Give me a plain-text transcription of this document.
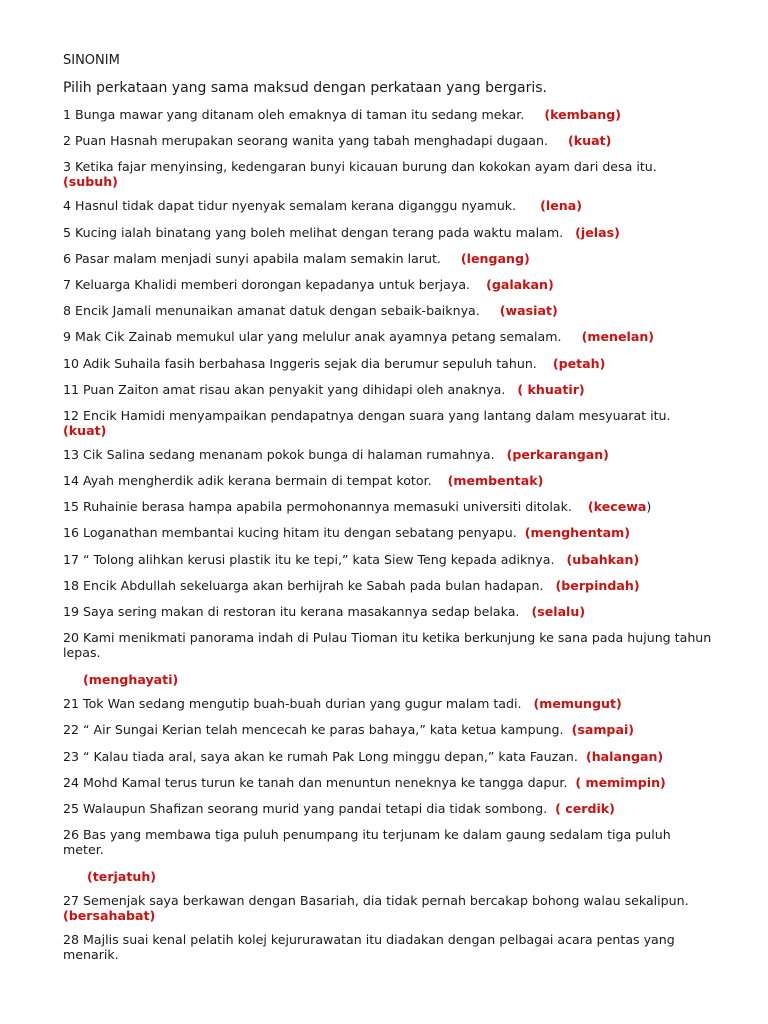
SINONIM
Pilih perkataan yang sama maksud dengan perkataan yang bergaris.
1 Bunga mawar yang ditanam oleh emaknya di taman itu sedang mekar. (kembang)
2 Puan Hasnah merupakan seorang wanita yang tabah menghadapi dugaan. (kuat)
3 Ketika fajar menyinsing, kedengaran bunyi kicauan burung dan kokokan ayam dari desa itu.
(subuh)
4 Hasnul tidak dapat tidur nyenyak semalam kerana diganggu nyamuk. (lena)
5 Kucing ialah binatang yang boleh melihat dengan terang pada waktu malam. (jelas)
6 Pasar malam menjadi sunyi apabila malam semakin larut. (lengang)
7 Keluarga Khalidi memberi dorongan kepadanya untuk berjaya. (galakan)
8 Encik Jamali menunaikan amanat datuk dengan sebaik-baiknya. (wasiat)
9 Mak Cik Zainab memukul ular yang melulur anak ayamnya petang semalam. (menelan)
10 Adik Suhaila fasih berbahasa Inggeris sejak dia berumur sepuluh tahun. (petah)
11 Puan Zaiton amat risau akan penyakit yang dihidapi oleh anaknya. ( khuatir)
12 Encik Hamidi menyampaikan pendapatnya dengan suara yang lantang dalam mesyuarat itu.
(kuat)
13 Cik Salina sedang menanam pokok bunga di halaman rumahnya. (perkarangan)
14 Ayah mengherdik adik kerana bermain di tempat kotor. (membentak)
15 Ruhainie berasa hampa apabila permohonannya memasuki universiti ditolak. (kecewa)
16 Loganathan membantai kucing hitam itu dengan sebatang penyapu. (menghentam)
17 “ Tolong alihkan kerusi plastik itu ke tepi,” kata Siew Teng kepada adiknya. (ubahkan)
18 Encik Abdullah sekeluarga akan berhijrah ke Sabah pada bulan hadapan. (berpindah)
19 Saya sering makan di restoran itu kerana masakannya sedap belaka. (selalu)
20 Kami menikmati panorama indah di Pulau Tioman itu ketika berkunjung ke sana pada hujung tahun lepas.
(menghayati)
21 Tok Wan sedang mengutip buah-buah durian yang gugur malam tadi. (memungut)
22 “ Air Sungai Kerian telah mencecah ke paras bahaya,” kata ketua kampung. (sampai)
23 “ Kalau tiada aral, saya akan ke rumah Pak Long minggu depan,” kata Fauzan. (halangan)
24 Mohd Kamal terus turun ke tanah dan menuntun neneknya ke tangga dapur. ( memimpin)
25 Walaupun Shafizan seorang murid yang pandai tetapi dia tidak sombong. ( cerdik)
26 Bas yang membawa tiga puluh penumpang itu terjunam ke dalam gaung sedalam tiga puluh meter.
(terjatuh)
27 Semenjak saya berkawan dengan Basariah, dia tidak pernah bercakap bohong walau sekalipun.
(bersahabat)
28 Majlis suai kenal pelatih kolej kejururawatan itu diadakan dengan pelbagai acara pentas yang menarik.
